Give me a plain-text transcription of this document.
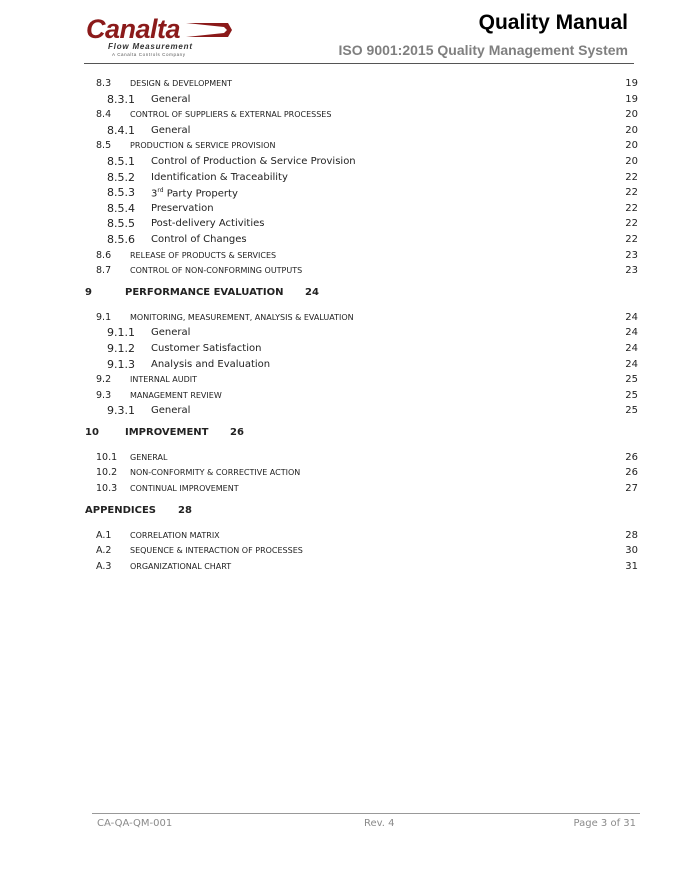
Canalta
Flow Measurement
A Canalta Controls Company
Quality Manual
ISO 9001:2015 Quality Management System
8.3 DESIGN & DEVELOPMENT	19
8.3.1 General	19
8.4 CONTROL OF SUPPLIERS & EXTERNAL PROCESSES	20
8.4.1 General	20
8.5 PRODUCTION & SERVICE PROVISION	20
8.5.1 Control of Production & Service Provision	20
8.5.2 Identification & Traceability	22
8.5.3 3rd Party Property	22
8.5.4 Preservation	22
8.5.5 Post-delivery Activities	22
8.5.6 Control of Changes	22
8.6 RELEASE OF PRODUCTS & SERVICES	23
8.7 CONTROL OF NON-CONFORMING OUTPUTS	23
9	PERFORMANCE EVALUATION 24
9.1 MONITORING, MEASUREMENT, ANALYSIS & EVALUATION	24
9.1.1 General	24
9.1.2 Customer Satisfaction	24
9.1.3 Analysis and Evaluation	24
9.2 INTERNAL AUDIT	25
9.3 MANAGEMENT REVIEW	25
9.3.1 General	25
10	IMPROVEMENT 26
10.1 GENERAL	26
10.2 NON-CONFORMITY & CORRECTIVE ACTION	26
10.3 CONTINUAL IMPROVEMENT	27
APPENDICES 28
A.1 CORRELATION MATRIX	28
A.2 SEQUENCE & INTERACTION OF PROCESSES	30
A.3 ORGANIZATIONAL CHART	31
CA-QA-QM-001	Rev. 4	Page 3 of 31
